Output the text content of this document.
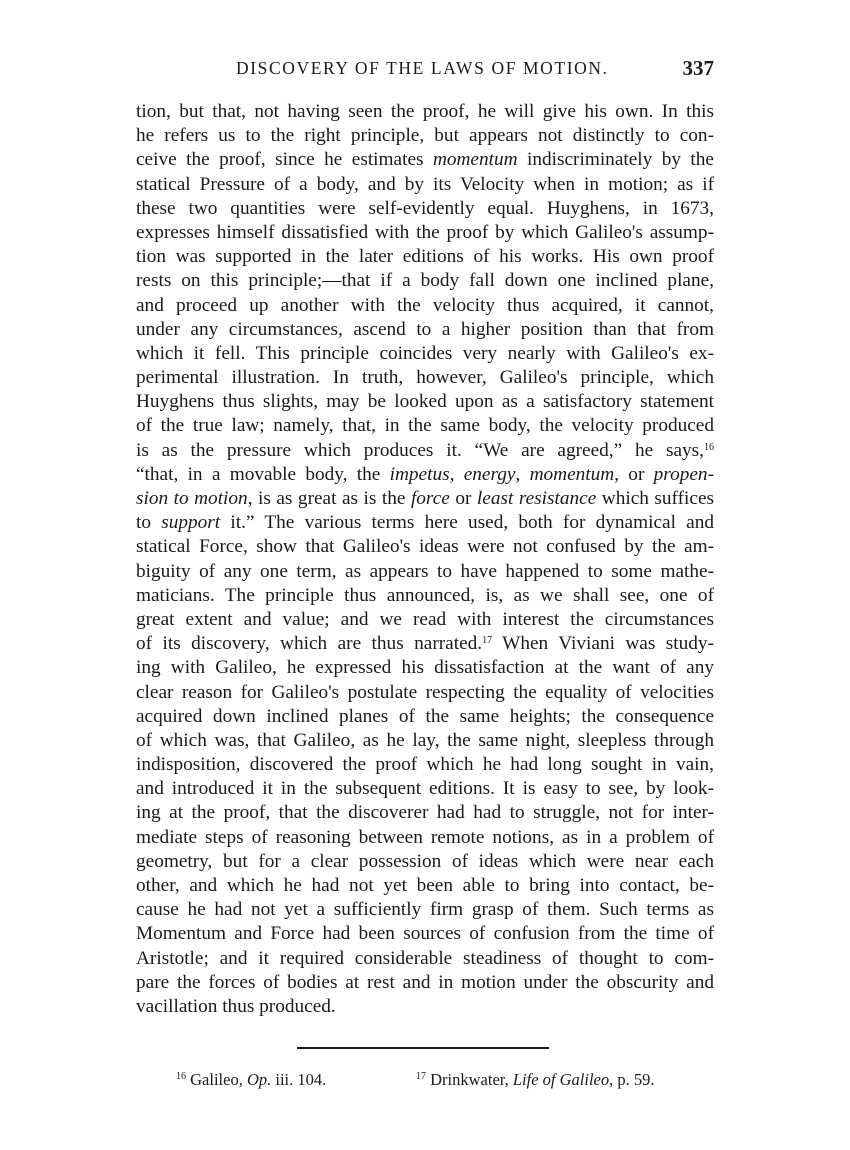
DISCOVERY OF THE LAWS OF MOTION.	337
tion, but that, not having seen the proof, he will give his own. In this
he refers us to the right principle, but appears not distinctly to con-
ceive the proof, since he estimates momentum indiscriminately by the
statical Pressure of a body, and by its Velocity when in motion; as if
these two quantities were self-evidently equal. Huyghens, in 1673,
expresses himself dissatisfied with the proof by which Galileo's assump-
tion was supported in the later editions of his works. His own proof
rests on this principle;—that if a body fall down one inclined plane,
and proceed up another with the velocity thus acquired, it cannot,
under any circumstances, ascend to a higher position than that from
which it fell. This principle coincides very nearly with Galileo's ex-
perimental illustration. In truth, however, Galileo's principle, which
Huyghens thus slights, may be looked upon as a satisfactory statement
of the true law; namely, that, in the same body, the velocity produced
is as the pressure which produces it. “We are agreed,” he says,$^{16}$
“that, in a movable body, the impetus, energy, momentum, or propen-
sion to motion, is as great as is the force or least resistance which suffices
to support it.” The various terms here used, both for dynamical and
statical Force, show that Galileo's ideas were not confused by the am-
biguity of any one term, as appears to have happened to some mathe-
maticians. The principle thus announced, is, as we shall see, one of
great extent and value; and we read with interest the circumstances
of its discovery, which are thus narrated.$^{17}$ When Viviani was study-
ing with Galileo, he expressed his dissatisfaction at the want of any
clear reason for Galileo's postulate respecting the equality of velocities
acquired down inclined planes of the same heights; the consequence
of which was, that Galileo, as he lay, the same night, sleepless through
indisposition, discovered the proof which he had long sought in vain,
and introduced it in the subsequent editions. It is easy to see, by look-
ing at the proof, that the discoverer had had to struggle, not for inter-
mediate steps of reasoning between remote notions, as in a problem of
geometry, but for a clear possession of ideas which were near each
other, and which he had not yet been able to bring into contact, be-
cause he had not yet a sufficiently firm grasp of them. Such terms as
Momentum and Force had been sources of confusion from the time of
Aristotle; and it required considerable steadiness of thought to com-
pare the forces of bodies at rest and in motion under the obscurity and
vacillation thus produced.
$^{16}$ Galileo, Op. iii. 104.	$^{17}$ Drinkwater, Life of Galileo, p. 59.
